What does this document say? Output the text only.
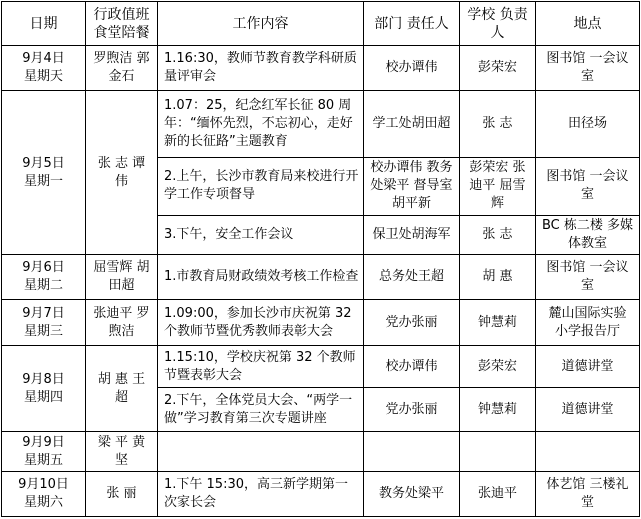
日期	行政值班 食堂陪餐	工作内容	部门 责任人	学校 负责人	地点

9月4日
星期天	罗煦洁 郭金石	1.16:30，教师节教育教学科研质量评审会	校办谭伟	彭荣宏	图书馆 一会议室

9月5日
星期一	张 志 谭 伟	1.07：25，纪念红军长征 80 周年：“缅怀先烈，不忘初心，走好新的长征路”主题教育	学工处胡田超	张 志	田径场
		2.上午，长沙市教育局来校进行开学工作专项督导	校办谭伟 教务处梁平 督导室胡平新	彭荣宏 张迪平 屈雪辉	图书馆 一会议室
		3.下午，安全工作会议	保卫处胡海军	张 志	BC 栋二楼 多媒体教室

9月6日
星期二	屈雪辉 胡田超	1.市教育局财政绩效考核工作检查	总务处王超	胡 惠	图书馆 一会议室

9月7日
星期三	张迪平 罗煦洁	1.09:00，参加长沙市庆祝第 32 个教师节暨优秀教师表彰大会	党办张丽	钟慧莉	麓山国际实验 小学报告厅

9月8日
星期四	胡 惠 王 超	1.15:10，学校庆祝第 32 个教师节暨表彰大会	校办谭伟	彭荣宏	道德讲堂
		2.下午，全体党员大会、“两学一做”学习教育第三次专题讲座	党办张丽	钟慧莉	道德讲堂

9月9日
星期五	梁 平 黄 坚				

9月10日
星期六	张 丽	1.下午 15:30，高三新学期第一次家长会	教务处梁平	张迪平	体艺馆 三楼礼堂
